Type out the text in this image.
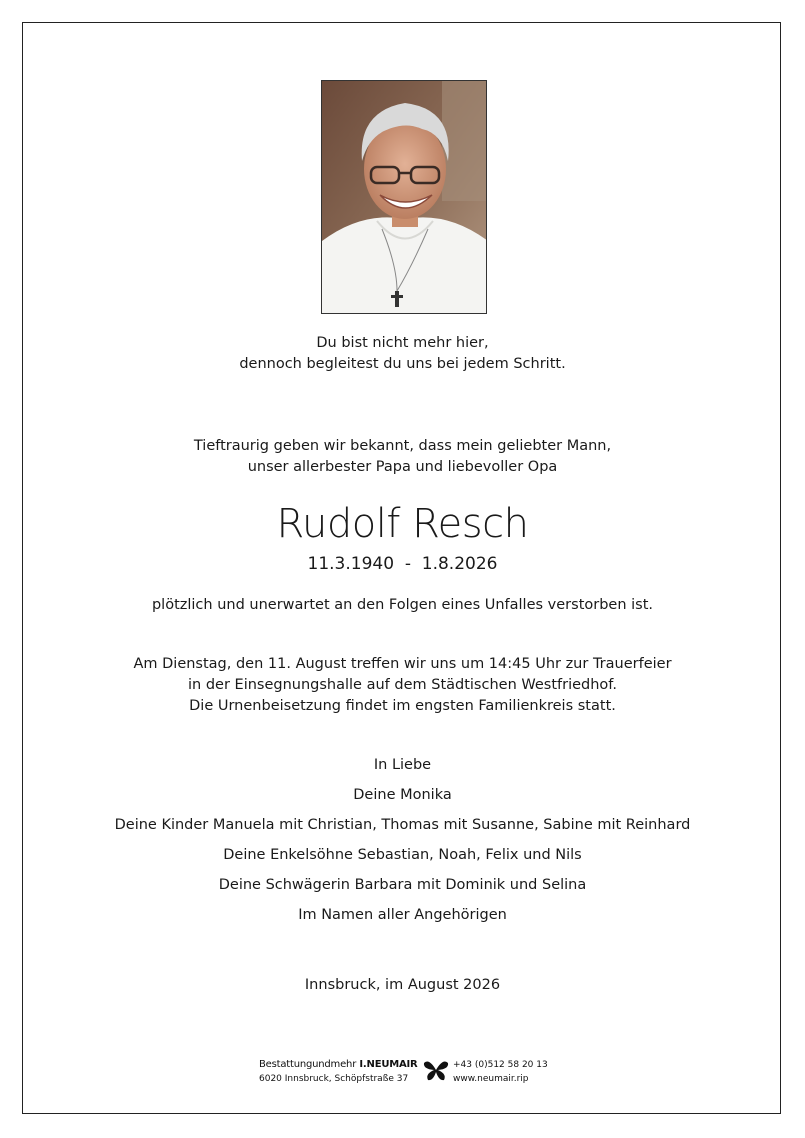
Du bist nicht mehr hier,
dennoch begleitest du uns bei jedem Schritt.
Tieftraurig geben wir bekannt, dass mein geliebter Mann,
unser allerbester Papa und liebevoller Opa
Rudolf Resch
11.3.1940  -  1.8.2026
plötzlich und unerwartet an den Folgen eines Unfalles verstorben ist.
Am Dienstag, den 11. August treffen wir uns um 14:45 Uhr zur Trauerfeier
in der Einsegnungshalle auf dem Städtischen Westfriedhof.
Die Urnenbeisetzung findet im engsten Familienkreis statt.
In Liebe
Deine Monika
Deine Kinder Manuela mit Christian, Thomas mit Susanne, Sabine mit Reinhard
Deine Enkelsöhne Sebastian, Noah, Felix und Nils
Deine Schwägerin Barbara mit Dominik und Selina
Im Namen aller Angehörigen
Innsbruck, im August 2026
Bestattungundmehr I.NEUMAIR
6020 Innsbruck, Schöpfstraße 37
+43 (0)512 58 20 13
www.neumair.rip
